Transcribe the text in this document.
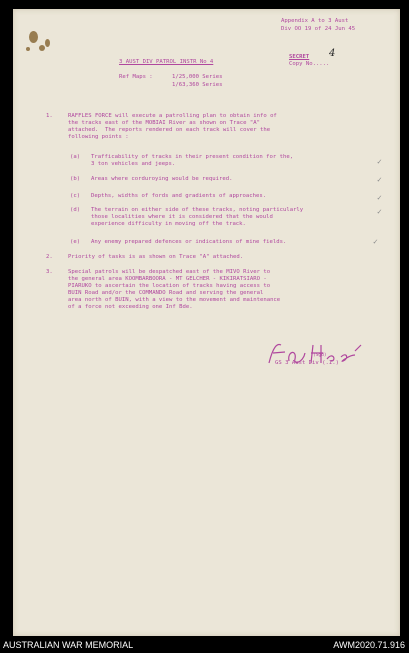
Appendix A to 3 Aust
Div OO 19 of 24 Jun 45
SECRET
Copy No.....
4
3 AUST DIV PATROL INSTR No 4
Ref Maps :	1/25,000 Series
1/63,360 Series
1.	RAFFLES FORCE will execute a patrolling plan to obtain info of
the tracks east of the MOBIAI River as shown on Trace "A"
attached.  The reports rendered on each track will cover the
following points :
(a) Trafficability of tracks in their present condition for the,
3 ton vehicles and jeeps.
(b) Areas where corduroying would be required.
(c) Depths, widths of fords and gradients of approaches.
(d) The terrain on either side of these tracks, noting particularly
those localities where it is considered that the would
experience difficulty in moving off the track.
(e) Any enemy prepared defences or indications of mine fields.
2.	Priority of tasks is as shown on Trace "A" attached.
3.	Special patrols will be despatched east of the MIVO River to
the general area KOOMBARBOORA - MT GELCHER - KIKIRATSIARO -
PIARUKO to ascertain the location of tracks having access to
BUIN Road and/or the COMMANDO Road and serving the general
area north of BUIN, with a view to the movement and maintenance
of a force not exceeding one Inf Bde.
✓
✓
✓
✓
✓
(Sgd)
GS 3 Aust Div (.I.)
AUSTRALIAN WAR MEMORIAL	AWM2020.71.916
